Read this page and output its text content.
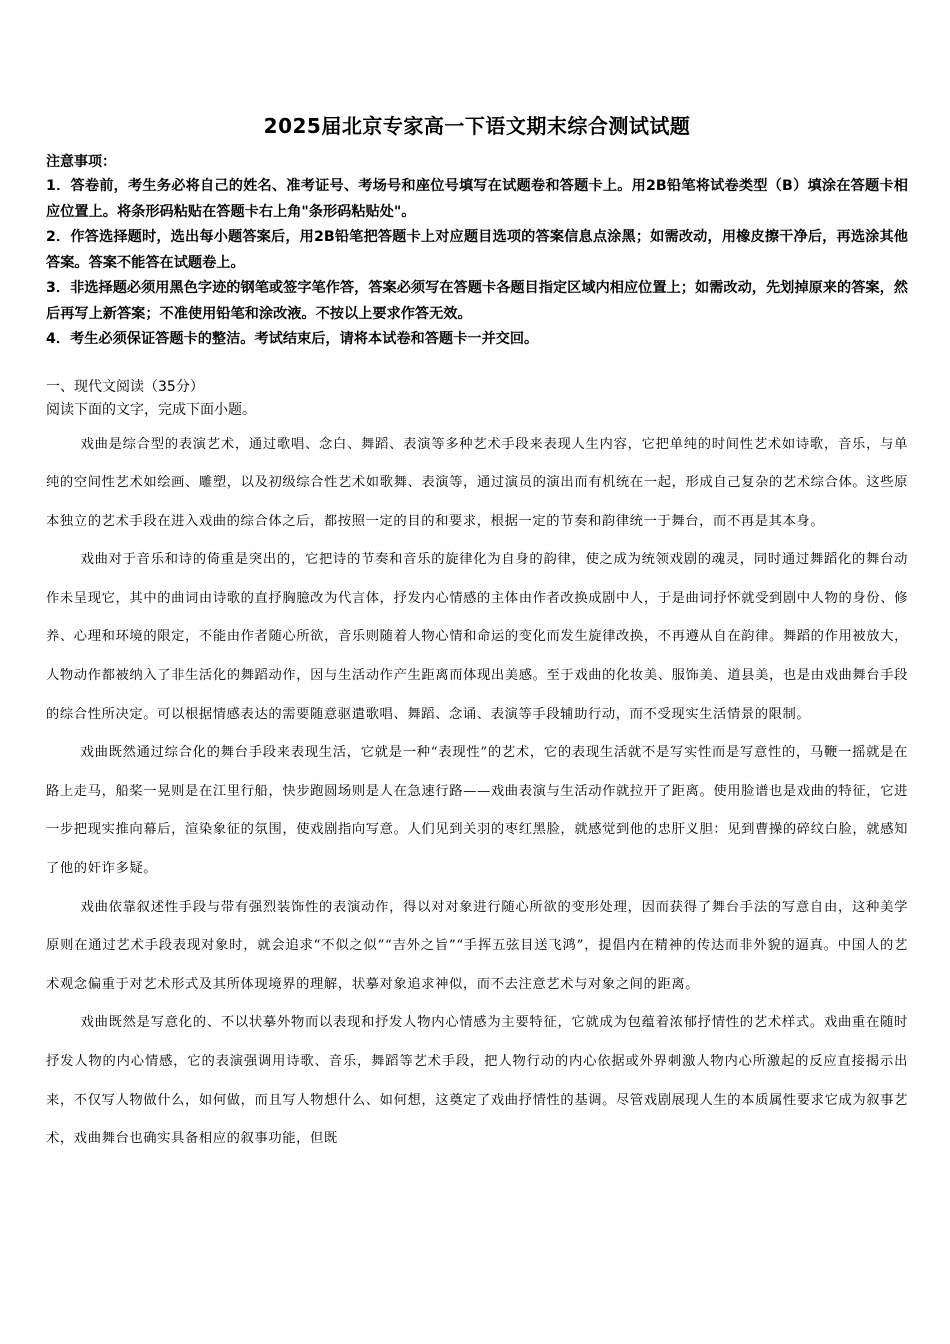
2025届北京专家高一下语文期末综合测试试题

注意事项：

1．答卷前，考生务必将自己的姓名、准考证号、考场号和座位号填写在试题卷和答题卡上。用2B铅笔将试卷类型（B）填涂在答题卡相应位置上。将条形码粘贴在答题卡右上角"条形码粘贴处"。

2．作答选择题时，选出每小题答案后，用2B铅笔把答题卡上对应题目选项的答案信息点涂黑；如需改动，用橡皮擦干净后，再选涂其他答案。答案不能答在试题卷上。

3．非选择题必须用黑色字迹的钢笔或签字笔作答，答案必须写在答题卡各题目指定区域内相应位置上；如需改动，先划掉原来的答案，然后再写上新答案；不准使用铅笔和涂改液。不按以上要求作答无效。

4．考生必须保证答题卡的整洁。考试结束后，请将本试卷和答题卡一并交回。

一、现代文阅读（35分）

阅读下面的文字，完成下面小题。

戏曲是综合型的表演艺术，通过歌唱、念白、舞蹈、表演等多种艺术手段来表现人生内容，它把单纯的时间性艺术如诗歌，音乐，与单纯的空间性艺术如绘画、雕塑，以及初级综合性艺术如歌舞、表演等，通过演员的演出而有机统在一起，形成自己复杂的艺术综合体。这些原本独立的艺术手段在进入戏曲的综合体之后，都按照一定的目的和要求，根据一定的节奏和韵律统一于舞台，而不再是其本身。

戏曲对于音乐和诗的倚重是突出的，它把诗的节奏和音乐的旋律化为自身的韵律，使之成为统领戏剧的魂灵，同时通过舞蹈化的舞台动作未呈现它，其中的曲词由诗歌的直抒胸臆改为代言体，抒发内心情感的主体由作者改换成剧中人，于是曲词抒怀就受到剧中人物的身份、修养、心理和环境的限定，不能由作者随心所欲，音乐则随着人物心情和命运的变化而发生旋律改换，不再遵从自在韵律。舞蹈的作用被放大，人物动作都被纳入了非生活化的舞蹈动作，因与生活动作产生距离而体现出美感。至于戏曲的化妆美、服饰美、道县美，也是由戏曲舞台手段的综合性所决定。可以根据情感表达的需要随意驱遣歌唱、舞蹈、念诵、表演等手段辅助行动，而不受现实生活情景的限制。

戏曲既然通过综合化的舞台手段来表现生活，它就是一种“表现性”的艺术，它的表现生活就不是写实性而是写意性的，马鞭一摇就是在路上走马，船桨一晃则是在江里行船，快步跑圆场则是人在急速行路——戏曲表演与生活动作就拉开了距离。使用脸谱也是戏曲的特征，它进一步把现实推向幕后，渲染象征的氛围，使戏剧指向写意。人们见到关羽的枣红黑脸，就感觉到他的忠肝义胆：见到曹操的碎纹白脸，就感知了他的奸诈多疑。

戏曲依靠叙述性手段与带有强烈装饰性的表演动作，得以对对象进行随心所欲的变形处理，因而获得了舞台手法的写意自由，这种美学原则在通过艺术手段表现对象时，就会追求“不似之似”“吉外之旨”“手挥五弦目送飞鸿”，提倡内在精神的传达而非外貌的逼真。中国人的艺术观念偏重于对艺术形式及其所体现境界的理解，状摹对象追求神似，而不去注意艺术与对象之间的距离。

戏曲既然是写意化的、不以状摹外物而以表现和抒发人物内心情感为主要特征，它就成为包蕴着浓郁抒情性的艺术样式。戏曲重在随时抒发人物的内心情感，它的表演强调用诗歌、音乐，舞蹈等艺术手段，把人物行动的内心依据或外界刺激人物内心所激起的反应直接揭示出来，不仅写人物做什么，如何做，而且写人物想什么、如何想，这奠定了戏曲抒情性的基调。尽管戏剧展现人生的本质属性要求它成为叙事艺术，戏曲舞台也确实具备相应的叙事功能，但既
